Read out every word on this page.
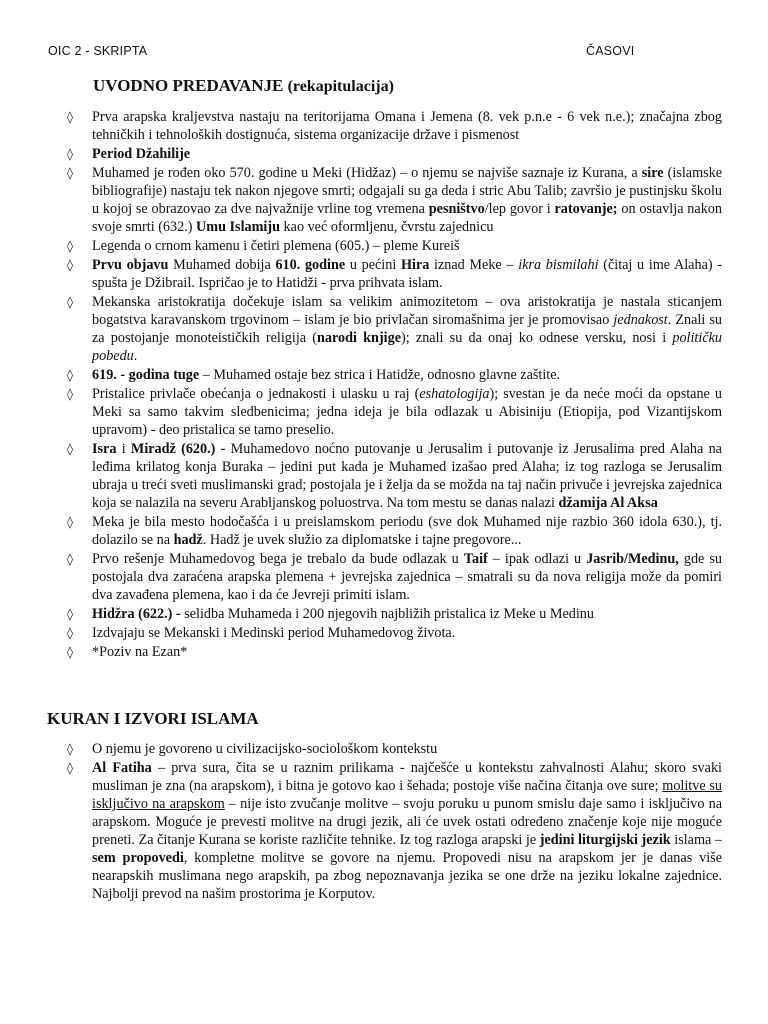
OIC 2 - SKRIPTA	ČASOVI
UVODNO PREDAVANJE (rekapitulacija)
◊ Prva arapska kraljevstva nastaju na teritorijama Omana i Jemena (8. vek p.n.e - 6 vek n.e.); značajna zbog tehničkih i tehnoloških dostignuća, sistema organizacije države i pismenost
◊ Period Džahilije
◊ Muhamed je rođen oko 570. godine u Meki (Hidžaz) – o njemu se najviše saznaje iz Kurana, a sire (islamske bibliografije) nastaju tek nakon njegove smrti; odgajali su ga deda i stric Abu Talib; završio je pustinjsku školu u kojoj se obrazovao za dve najvažnije vrline tog vremena pesništvo/lep govor i ratovanje; on ostavlja nakon svoje smrti (632.) Umu Islamiju kao već oformljenu, čvrstu zajednicu
◊ Legenda o crnom kamenu i četiri plemena (605.) – pleme Kureiš
◊ Prvu objavu Muhamed dobija 610. godine u pećini Hira iznad Meke – ikra bismilahi (čitaj u ime Alaha) - spušta je Džibrail. Ispričao je to Hatidži - prva prihvata islam.
◊ Mekanska aristokratija dočekuje islam sa velikim animozitetom – ova aristokratija je nastala sticanjem bogatstva karavanskom trgovinom – islam je bio privlačan siromašnima jer je promovisao jednakost. Znali su za postojanje monoteističkih religija (narodi knjige); znali su da onaj ko odnese versku, nosi i političku pobedu.
◊ 619. - godina tuge – Muhamed ostaje bez strica i Hatidže, odnosno glavne zaštite.
◊ Pristalice privlače obećanja o jednakosti i ulasku u raj (eshatologija); svestan je da neće moći da opstane u Meki sa samo takvim sledbenicima; jedna ideja je bila odlazak u Abisiniju (Etiopija, pod Vizantijskom upravom) - deo pristalica se tamo preselio.
◊ Isra i Miradž (620.) - Muhamedovo noćno putovanje u Jerusalim i putovanje iz Jerusalima pred Alaha na leđima krilatog konja Buraka – jedini put kada je Muhamed izašao pred Alaha; iz tog razloga se Jerusalim ubraja u treći sveti muslimanski grad; postojala je i želja da se možda na taj način privuče i jevrejska zajednica koja se nalazila na severu Arabljanskog poluostrva. Na tom mestu se danas nalazi džamija Al Aksa
◊ Meka je bila mesto hodočašća i u preislamskom periodu (sve dok Muhamed nije razbio 360 idola 630.), tj. dolazilo se na hadž. Hadž je uvek služio za diplomatske i tajne pregovore...
◊ Prvo rešenje Muhamedovog bega je trebalo da bude odlazak u Taif – ipak odlazi u Jasrib/Medinu, gde su postojala dva zaraćena arapska plemena + jevrejska zajednica – smatrali su da nova religija može da pomiri dva zavađena plemena, kao i da će Jevreji primiti islam.
◊ Hidžra (622.) - selidba Muhameda i 200 njegovih najbližih pristalica iz Meke u Medinu
◊ Izdvajaju se Mekanski i Medinski period Muhamedovog života.
◊ *Poziv na Ezan*
KURAN I IZVORI ISLAMA
◊ O njemu je govoreno u civilizacijsko-sociološkom kontekstu
◊ Al Fatiha – prva sura, čita se u raznim prilikama - najčešće u kontekstu zahvalnosti Alahu; skoro svaki musliman je zna (na arapskom), i bitna je gotovo kao i šehada; postoje više načina čitanja ove sure; molitve su isključivo na arapskom – nije isto zvučanje molitve – svoju poruku u punom smislu daje samo i isključivo na arapskom. Moguće je prevesti molitve na drugi jezik, ali će uvek ostati određeno značenje koje nije moguće preneti. Za čitanje Kurana se koriste različite tehnike. Iz tog razloga arapski je jedini liturgijski jezik islama – sem propovedi, kompletne molitve se govore na njemu. Propovedi nisu na arapskom jer je danas više nearapskih muslimana nego arapskih, pa zbog nepoznavanja jezika se one drže na jeziku lokalne zajednice. Najbolji prevod na našim prostorima je Korputov.
